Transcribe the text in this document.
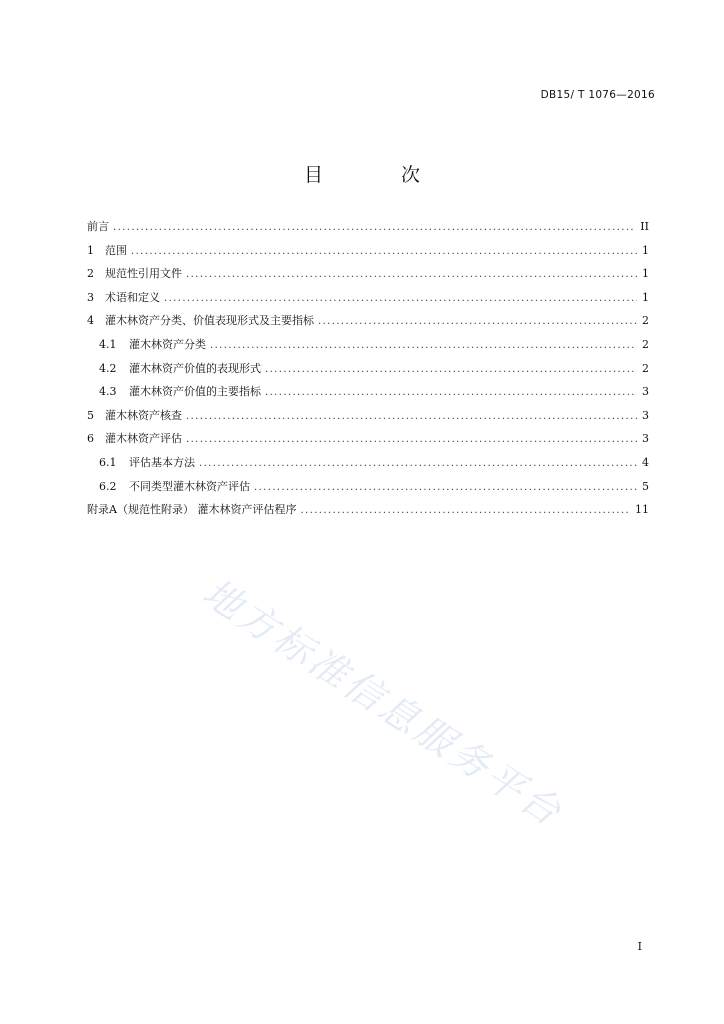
DB15/ T 1076—2016
目 次
前言 .....	II
1	范围 .....	1
2	规范性引用文件 .....	1
3	术语和定义 .....	1
4	灌木林资产分类、价值表现形式及主要指标 .....	2
4.1	灌木林资产分类 .....	2
4.2	灌木林资产价值的表现形式 .....	2
4.3	灌木林资产价值的主要指标 .....	3
5	灌木林资产核查 .....	3
6	灌木林资产评估 .....	3
6.1	评估基本方法 .....	4
6.2	不同类型灌木林资产评估 .....	5
附录A（规范性附录） 灌木林资产评估程序 .....	11
地方标准信息服务平台
I
